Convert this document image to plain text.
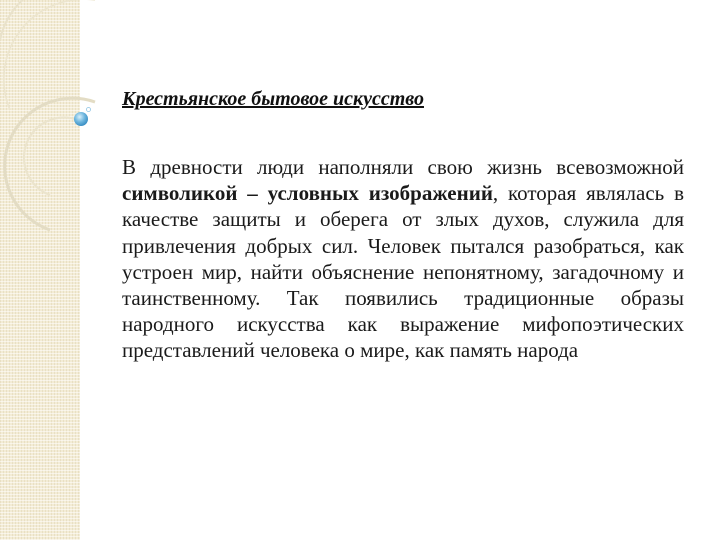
Крестьянское бытовое искусство
В древности люди наполняли свою жизнь всевозможной символикой – условных изображений, которая являлась в качестве защиты и оберега от злых духов, служила для привлечения добрых сил. Человек пытался разобраться, как устроен мир, найти объяснение непонятному, загадочному и таинственному. Так появились традиционные образы народного искусства как выражение мифопоэтических представлений человека о мире, как память народа
